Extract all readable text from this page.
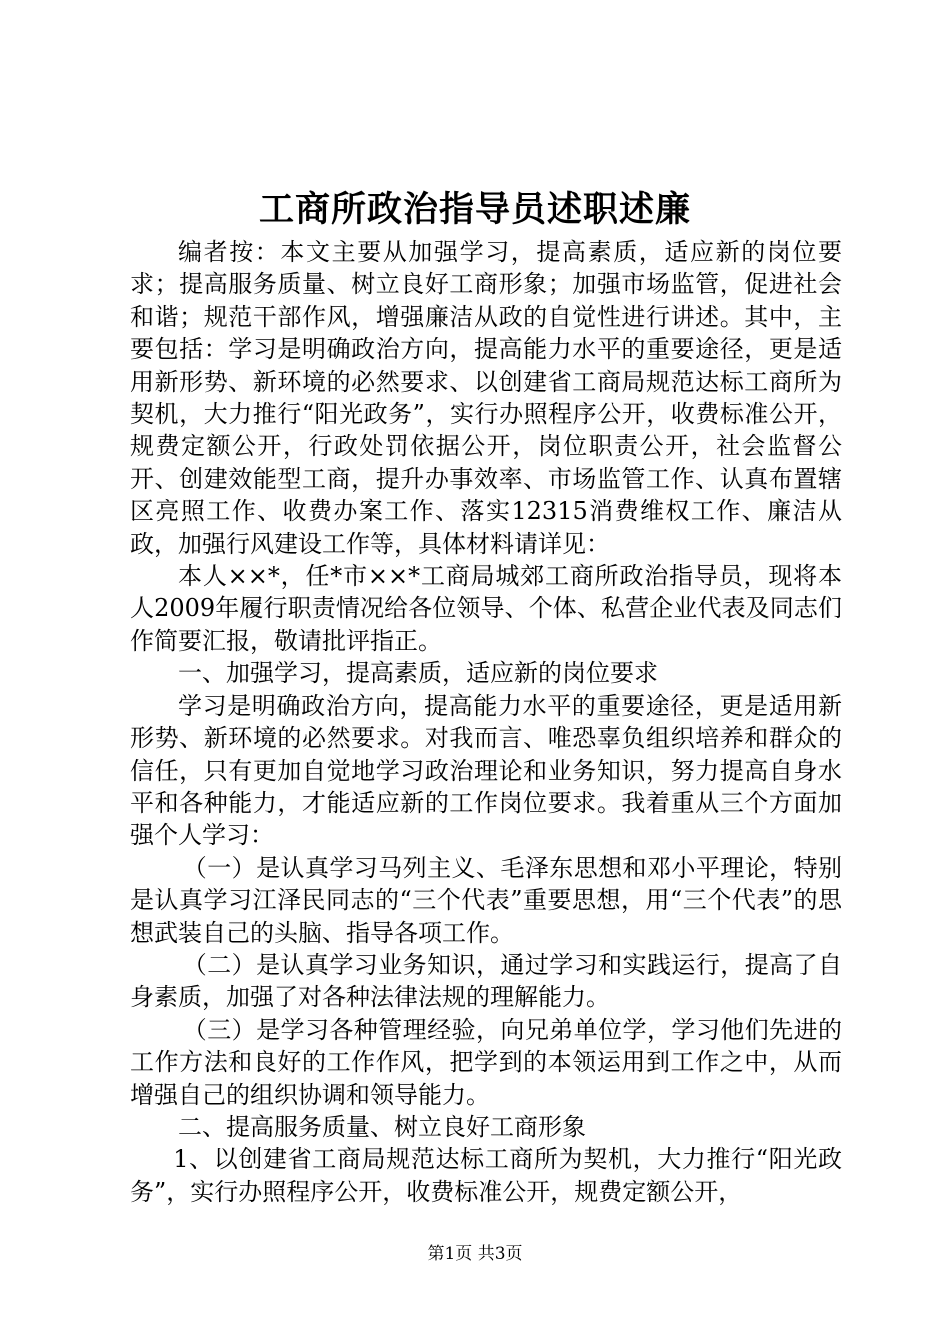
工商所政治指导员述职述廉

编者按：本文主要从加强学习，提高素质，适应新的岗位要求；提高服务质量、树立良好工商形象；加强市场监管，促进社会和谐；规范干部作风，增强廉洁从政的自觉性进行讲述。其中，主要包括：学习是明确政治方向，提高能力水平的重要途径，更是适用新形势、新环境的必然要求、以创建省工商局规范达标工商所为契机，大力推行“阳光政务”，实行办照程序公开，收费标准公开，规费定额公开，行政处罚依据公开，岗位职责公开，社会监督公开、创建效能型工商，提升办事效率、市场监管工作、认真布置辖区亮照工作、收费办案工作、落实12315消费维权工作、廉洁从政，加强行风建设工作等，具体材料请详见：

本人××*，任*市××*工商局城郊工商所政治指导员，现将本人2009年履行职责情况给各位领导、个体、私营企业代表及同志们作简要汇报，敬请批评指正。

一、加强学习，提高素质，适应新的岗位要求

学习是明确政治方向，提高能力水平的重要途径，更是适用新形势、新环境的必然要求。对我而言、唯恐辜负组织培养和群众的信任，只有更加自觉地学习政治理论和业务知识，努力提高自身水平和各种能力，才能适应新的工作岗位要求。我着重从三个方面加强个人学习：

（一）是认真学习马列主义、毛泽东思想和邓小平理论，特别是认真学习江泽民同志的“三个代表”重要思想，用“三个代表”的思想武装自己的头脑、指导各项工作。

（二）是认真学习业务知识，通过学习和实践运行，提高了自身素质，加强了对各种法律法规的理解能力。

（三）是学习各种管理经验，向兄弟单位学，学习他们先进的工作方法和良好的工作作风，把学到的本领运用到工作之中，从而增强自己的组织协调和领导能力。

二、提高服务质量、树立良好工商形象

1、以创建省工商局规范达标工商所为契机，大力推行“阳光政务”，实行办照程序公开，收费标准公开，规费定额公开，

第1页 共3页
